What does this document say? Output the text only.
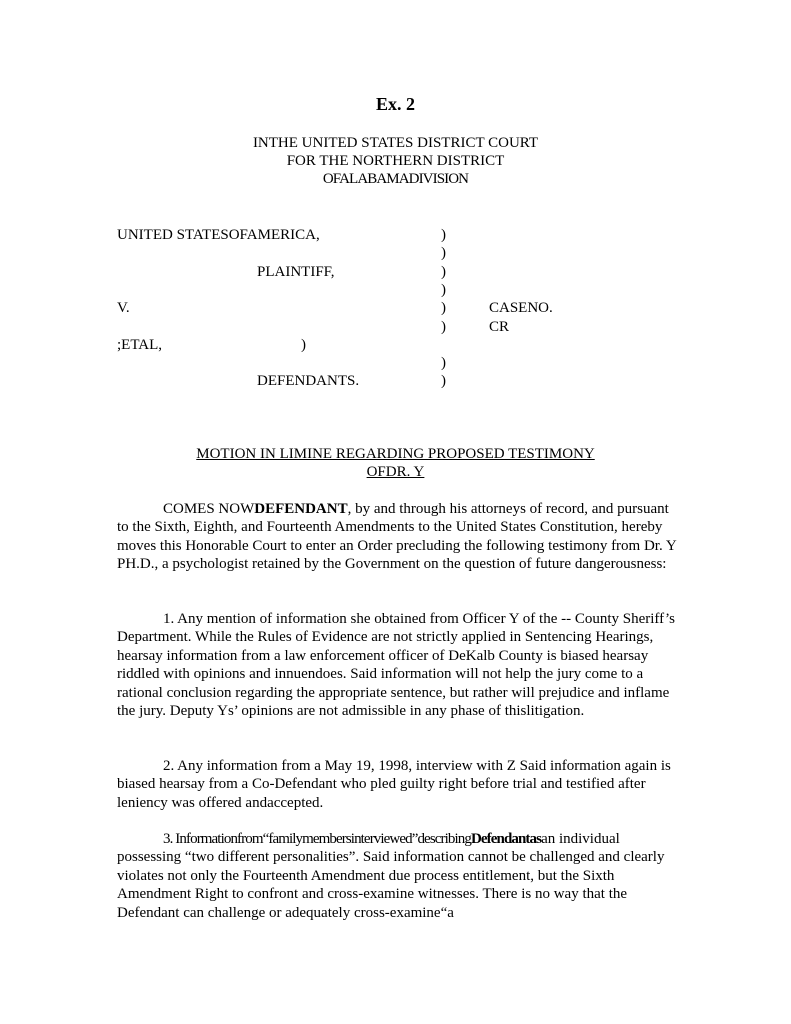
Ex. 2
INTHE UNITED STATES DISTRICT COURT
FOR THE NORTHERN DISTRICT
OFALABAMADIVISION
UNITED STATESOFAMERICA,	)
)
PLAINTIFF,	)
)
V.	)	CASENO.
)	CR
;ETAL,	)
)
DEFENDANTS.	)
MOTION IN LIMINE REGARDING PROPOSED TESTIMONY
OFDR. Y
COMES NOWDEFENDANT, by and through his attorneys of record, and pursuant to the Sixth, Eighth, and Fourteenth Amendments to the United States Constitution, hereby moves this Honorable Court to enter an Order precluding the following testimony from Dr. Y PH.D., a psychologist retained by the Government on the question of future dangerousness:
1. Any mention of information she obtained from Officer Y of the -- County Sheriff’s Department. While the Rules of Evidence are not strictly applied in Sentencing Hearings, hearsay information from a law enforcement officer of DeKalb County is biased hearsay riddled with opinions and innuendoes. Said information will not help the jury come to a rational conclusion regarding the appropriate sentence, but rather will prejudice and inflame the jury. Deputy Ys’ opinions are not admissible in any phase of thislitigation.
2. Any information from a May 19, 1998, interview with Z Said information again is biased hearsay from a Co-Defendant who pled guilty right before trial and testified after leniency was offered andaccepted.
3. Informationfrom“familymembersinterviewed”describingDefendantasan individual possessing “two different personalities”. Said information cannot be challenged and clearly violates not only the Fourteenth Amendment due process entitlement, but the Sixth Amendment Right to confront and cross-examine witnesses. There is no way that the Defendant can challenge or adequately cross-examine“a
